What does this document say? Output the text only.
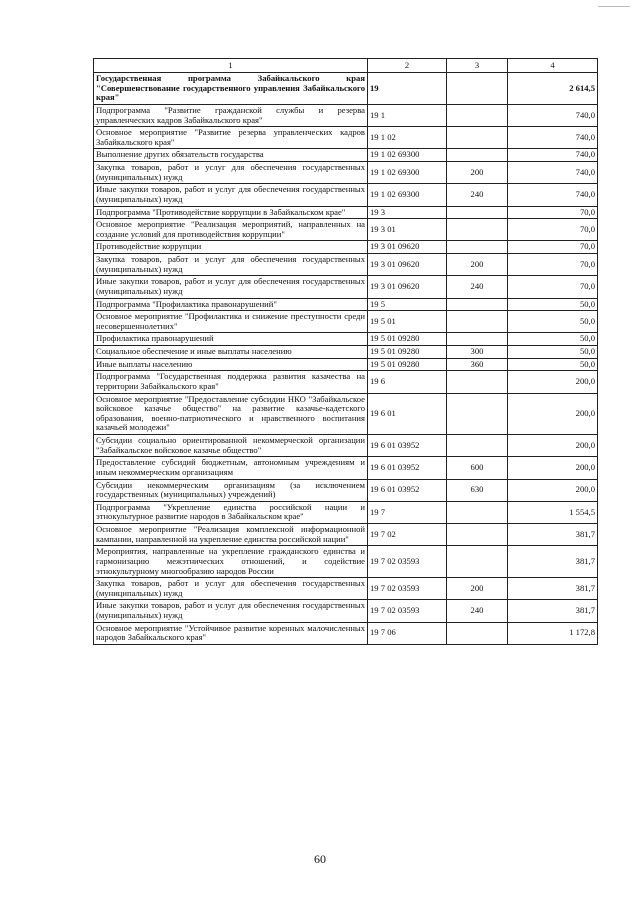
1	2	3	4
Государственная программа Забайкальского края "Совершенствование государственного управления Забайкальского края"	19		2 614,5
Подпрограмма "Развитие гражданской службы и резерва управленческих кадров Забайкальского края"	19 1		740,0
Основное мероприятие "Развитие резерва управленческих кадров Забайкальского края"	19 1 02		740,0
Выполнение других обязательств государства	19 1 02 69300		740,0
Закупка товаров, работ и услуг для обеспечения государственных (муниципальных) нужд	19 1 02 69300	200	740,0
Иные закупки товаров, работ и услуг для обеспечения государственных (муниципальных) нужд	19 1 02 69300	240	740,0
Подпрограмма "Противодействие коррупции в Забайкальском крае"	19 3		70,0
Основное мероприятие "Реализация мероприятий, направленных на создание условий для противодействия коррупции"	19 3 01		70,0
Противодействие коррупции	19 3 01 09620		70,0
Закупка товаров, работ и услуг для обеспечения государственных (муниципальных) нужд	19 3 01 09620	200	70,0
Иные закупки товаров, работ и услуг для обеспечения государственных (муниципальных) нужд	19 3 01 09620	240	70,0
Подпрограмма "Профилактика правонарушений"	19 5		50,0
Основное мероприятие "Профилактика и снижение преступности среди несовершеннолетних"	19 5 01		50,0
Профилактика правонарушений	19 5 01 09280		50,0
Социальное обеспечение и иные выплаты населению	19 5 01 09280	300	50,0
Иные выплаты населению	19 5 01 09280	360	50,0
Подпрограмма "Государственная поддержка развития казачества на территории Забайкальского края"	19 6		200,0
Основное мероприятие "Предоставление субсидии НКО "Забайкальское войсковое казачье общество" на развитие казачье-кадетского образования, военно-патриотического и нравственного воспитания казачьей молодежи"	19 6 01		200,0
Субсидии социально ориентированной некоммерческой организации "Забайкальское войсковое казачье общество"	19 6 01 03952		200,0
Предоставление субсидий бюджетным, автономным учреждениям и иным некоммерческим организациям	19 6 01 03952	600	200,0
Субсидии некоммерческим организациям (за исключением государственных (муниципальных) учреждений)	19 6 01 03952	630	200,0
Подпрограмма "Укрепление единства российской нации и этнокультурное развитие народов в Забайкальском крае"	19 7		1 554,5
Основное мероприятие "Реализация комплексной информационной кампании, направленной на укрепление единства российской нации"	19 7 02		381,7
Мероприятия, направленные на укрепление гражданского единства и гармонизацию межэтнических отношений, и содействие этнокультурному многообразию народов России	19 7 02 03593		381,7
Закупка товаров, работ и услуг для обеспечения государственных (муниципальных) нужд	19 7 02 03593	200	381,7
Иные закупки товаров, работ и услуг для обеспечения государственных (муниципальных) нужд	19 7 02 03593	240	381,7
Основное мероприятие "Устойчивое развитие коренных малочисленных народов Забайкальского края"	19 7 06		1 172,8
60
